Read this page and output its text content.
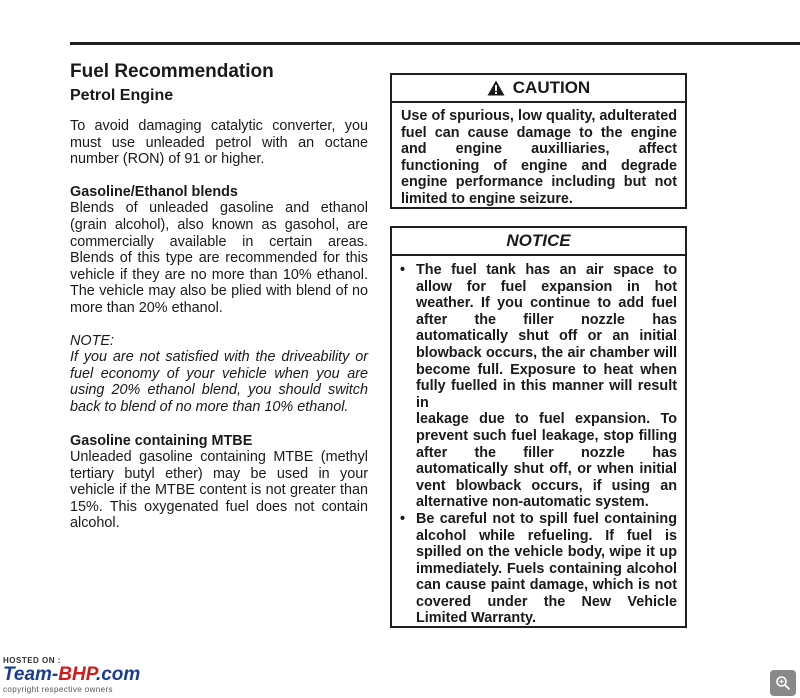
Fuel Recommendation
Petrol Engine

To avoid damaging catalytic converter, you must use unleaded petrol with an octane number (RON) of 91 or higher.

Gasoline/Ethanol blends

Blends of unleaded gasoline and ethanol (grain alcohol), also known as gasohol, are commercially available in certain areas. Blends of this type are recommended for this vehicle if they are no more than 10% ethanol. The vehicle may also be plied with blend of no more than 20% ethanol.

NOTE:

If you are not satisfied with the driveability or fuel economy of your vehicle when you are using 20% ethanol blend, you should switch back to blend of no more than 10% ethanol.

Gasoline containing MTBE

Unleaded gasoline containing MTBE (methyl tertiary butyl ether) may be used in your vehicle if the MTBE content is not greater than 15%. This oxygenated fuel does not contain alcohol.

CAUTION
Use of spurious, low quality, adulterated fuel can cause damage to the engine and engine auxilliaries, affect functioning of engine and degrade engine performance including but not limited to engine seizure.
NOTICE
• The fuel tank has an air space to allow for fuel expansion in hot weather. If you continue to add fuel after the filler nozzle has automatically shut off or an initial blowback occurs, the air chamber will become full. Exposure to heat when fully fuelled in this manner will result in
leakage due to fuel expansion. To prevent such fuel leakage, stop filling after the filler nozzle has automatically shut off, or when initial vent blowback occurs, if using an alternative non-automatic system.
• Be careful not to spill fuel containing alcohol while refueling. If fuel is spilled on the vehicle body, wipe it up immediately. Fuels containing alcohol can cause paint damage, which is not covered under the New Vehicle Limited Warranty.
HOSTED ON :
Team-BHP.com
copyright respective owners
